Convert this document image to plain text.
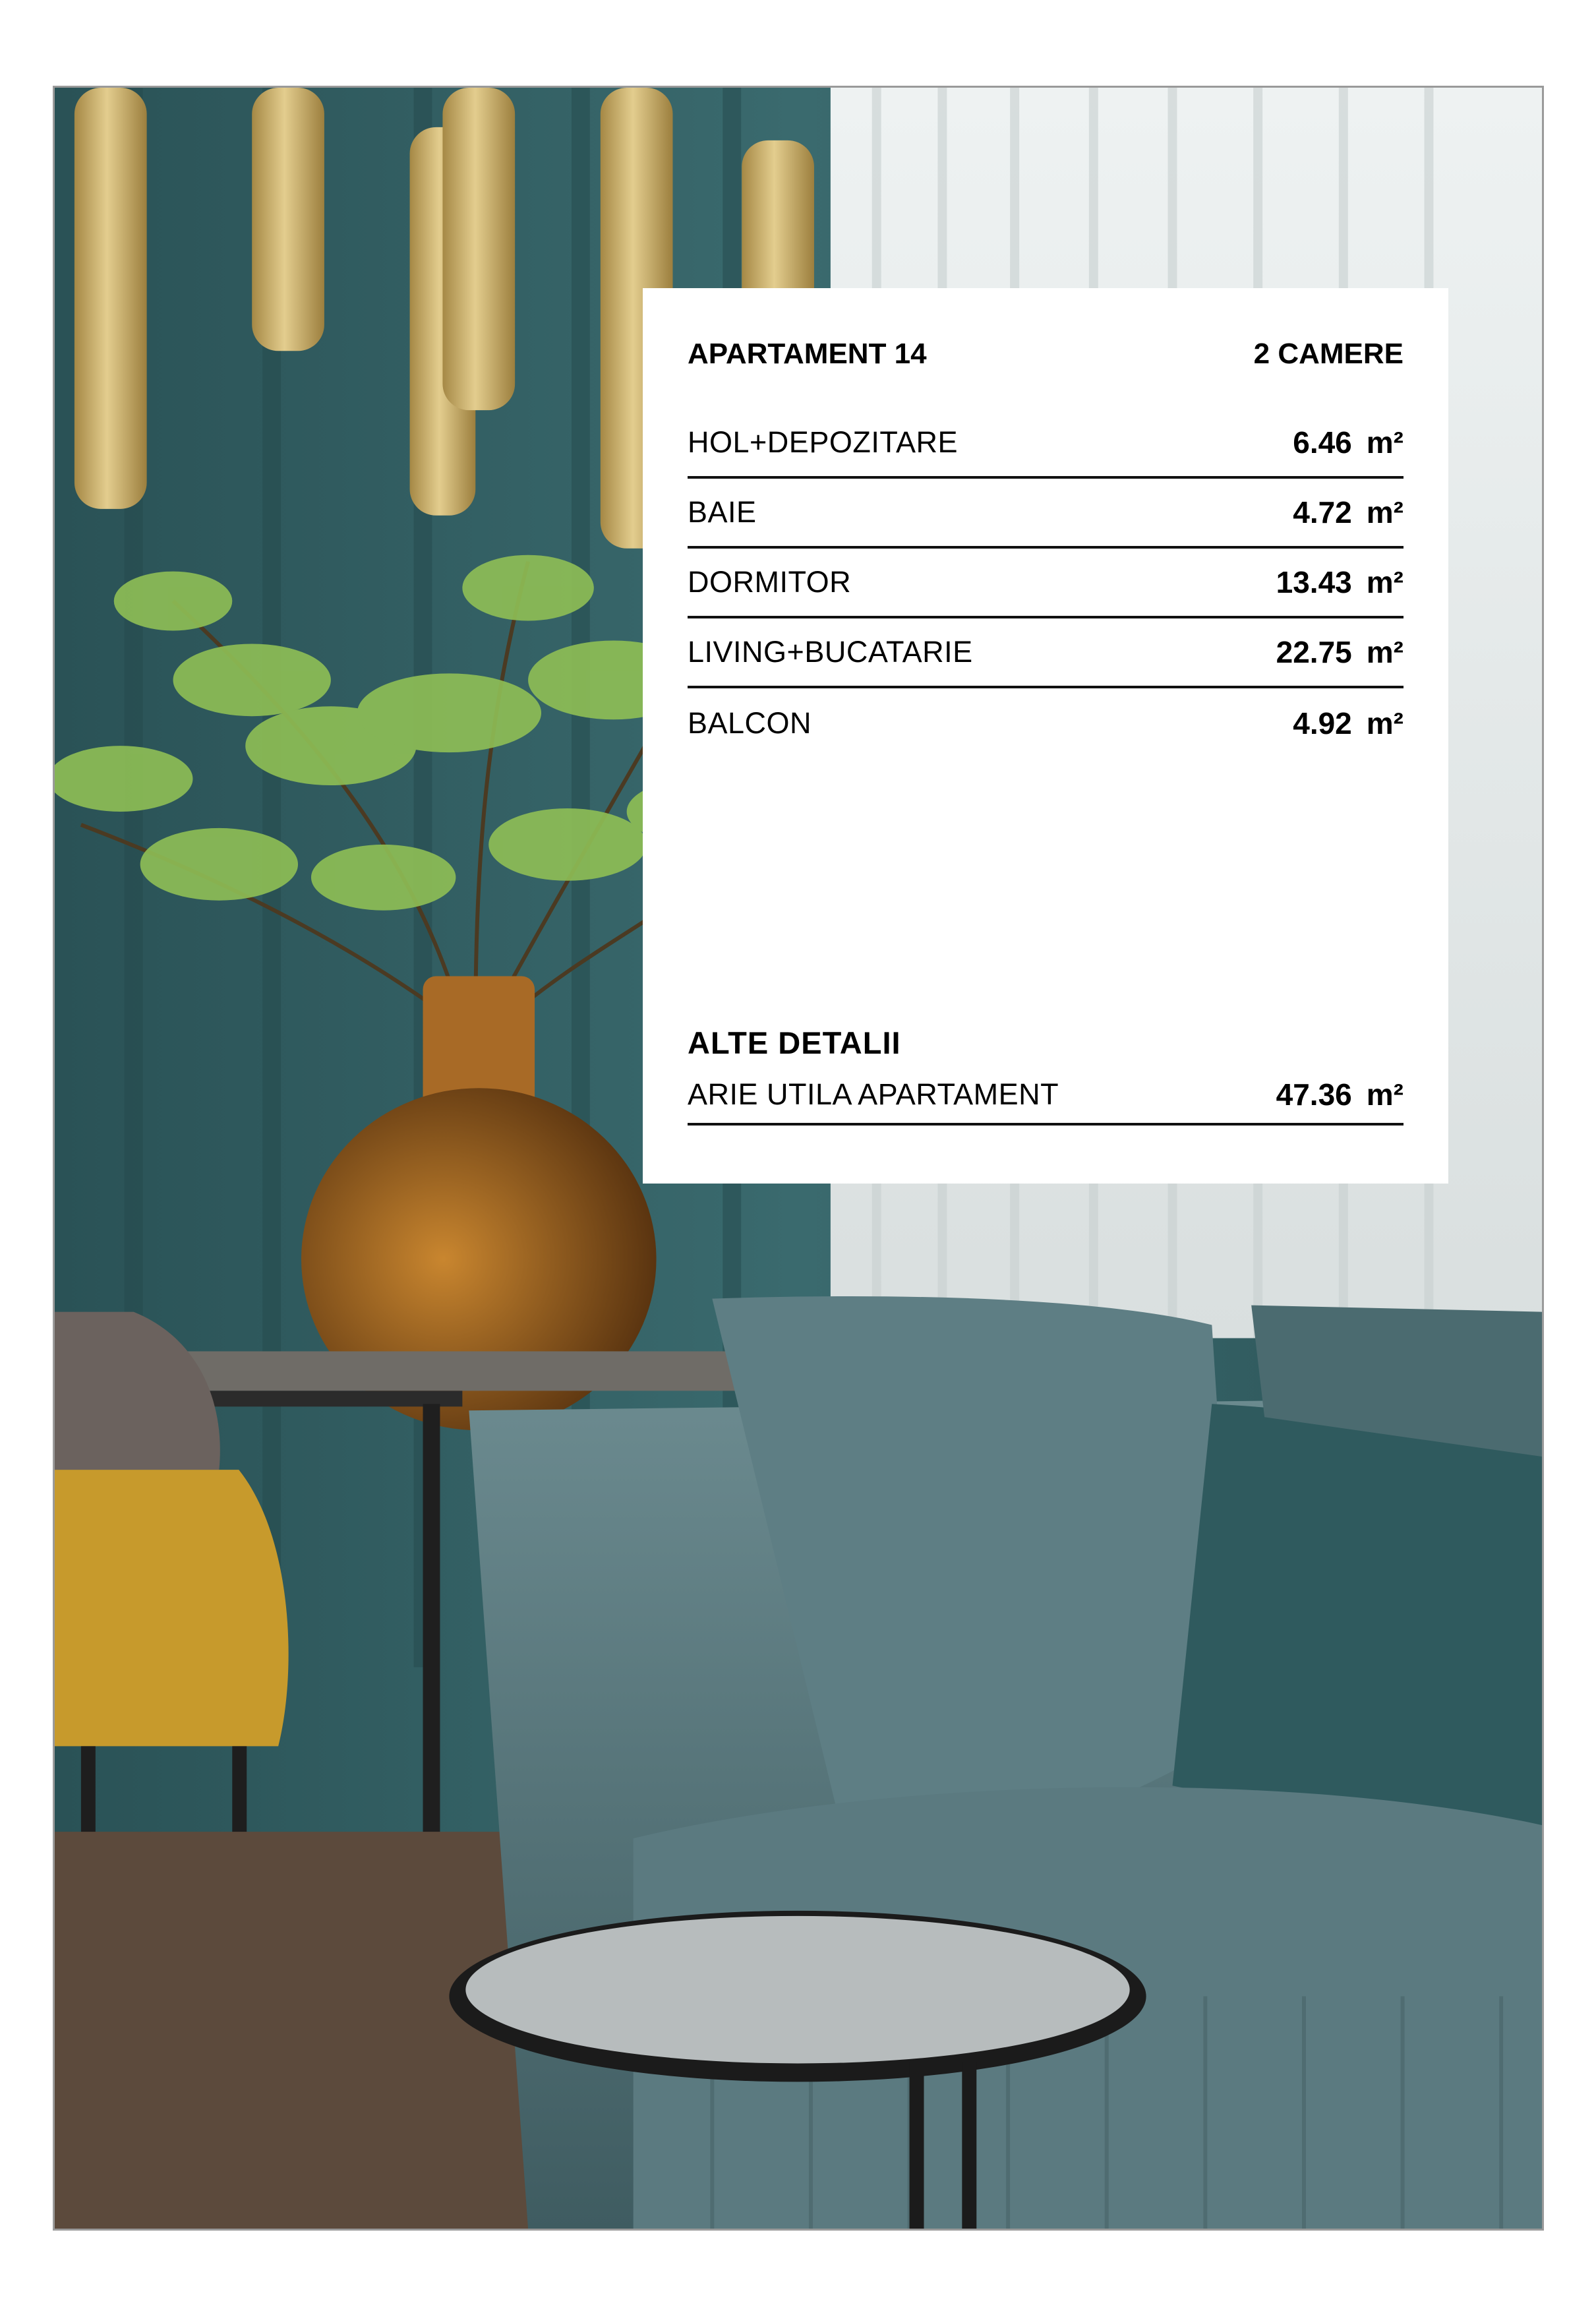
APARTAMENT 14	2 CAMERE
HOL+DEPOZITARE	6.46 m²
BAIE	4.72 m²
DORMITOR	13.43 m²
LIVING+BUCATARIE	22.75 m²
BALCON	4.92 m²
ALTE DETALII
ARIE UTILA APARTAMENT	47.36 m²
